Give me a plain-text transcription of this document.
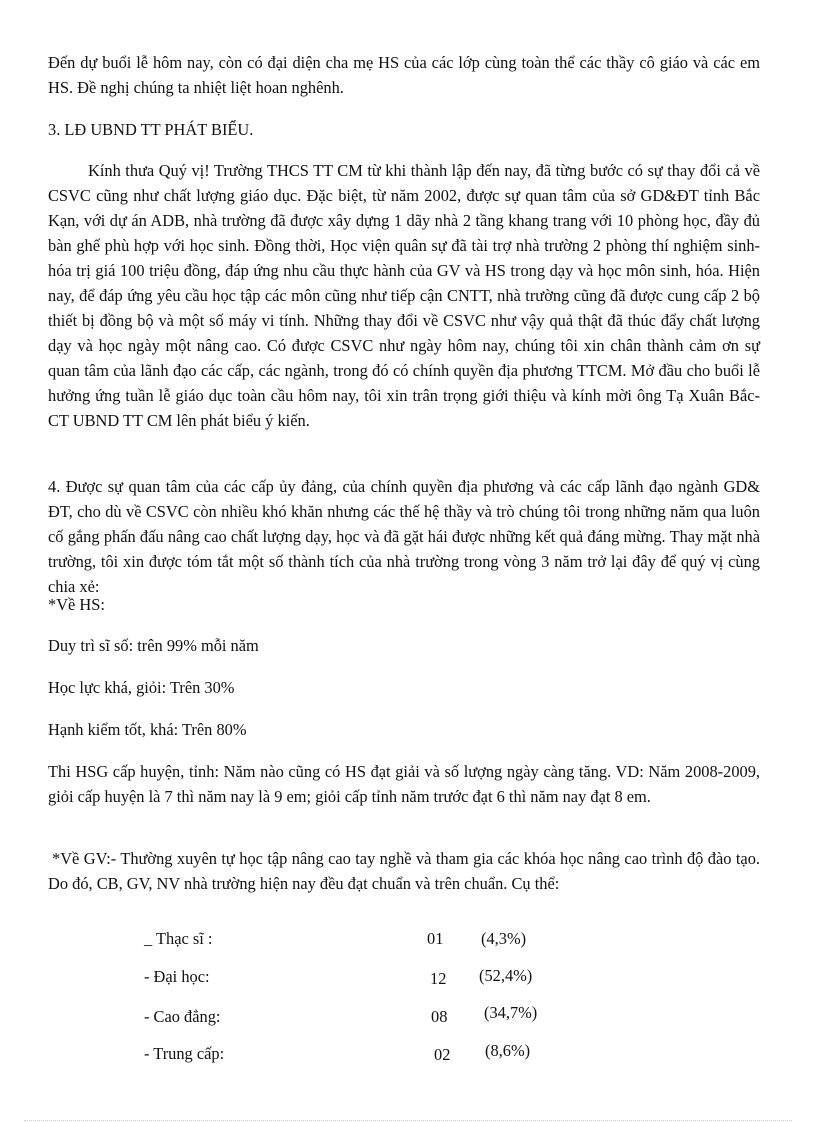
Đến dự buổi lễ hôm nay, còn có đại diện cha mẹ HS của các lớp cùng toàn thể các thầy cô giáo và các em HS. Đề nghị chúng ta nhiệt liệt hoan nghênh.

3. LĐ UBND TT PHÁT BIỂU.

Kính thưa Quý vị! Trường THCS TT CM từ khi thành lập đến nay, đã từng bước có sự thay đổi cả về CSVC cũng như chất lượng giáo dục. Đặc biệt, từ năm 2002, được sự quan tâm của sở GD&ĐT tỉnh Bắc Kạn, với dự án ADB, nhà trường đã được xây dựng 1 dãy nhà 2 tầng khang trang với 10 phòng học, đầy đủ bàn ghế phù hợp với học sinh. Đồng thời, Học viện quân sự đã tài trợ nhà trường 2 phòng thí nghiệm sinh-hóa trị giá 100 triệu đồng, đáp ứng nhu cầu thực hành của GV và HS trong dạy và học môn sinh, hóa. Hiện nay, để đáp ứng yêu cầu học tập các môn cũng như tiếp cận CNTT, nhà trường cũng đã được cung cấp 2 bộ thiết bị đồng bộ và một số máy vi tính. Những thay đổi về CSVC như vậy quả thật đã thúc đẩy chất lượng dạy và học ngày một nâng cao. Có được CSVC như ngày hôm nay, chúng tôi xin chân thành cảm ơn sự quan tâm của lãnh đạo các cấp, các ngành, trong đó có chính quyền địa phương TTCM. Mở đầu cho buổi lễ hưởng ứng tuần lễ giáo dục toàn cầu hôm nay, tôi xin trân trọng giới thiệu và kính mời ông Tạ Xuân Bắc- CT UBND TT CM lên phát biểu ý kiến.

4. Được sự quan tâm của các cấp ủy đảng, của chính quyền địa phương và các cấp lãnh đạo ngành GD& ĐT, cho dù về CSVC còn nhiều khó khăn nhưng các thế hệ thầy và trò chúng tôi trong những năm qua luôn cố gắng phấn đấu nâng cao chất lượng dạy, học và đã gặt hái được những kết quả đáng mừng. Thay mặt nhà trường, tôi xin được tóm tắt một số thành tích của nhà trường trong vòng 3 năm trở lại đây để quý vị cùng chia xẻ:

*Về HS:

Duy trì sĩ số: trên 99% mỗi năm

Học lực khá, giỏi: Trên 30%

Hạnh kiểm tốt, khá: Trên 80%

Thi HSG cấp huyện, tỉnh: Năm nào cũng có HS đạt giải và số lượng ngày càng tăng. VD: Năm 2008-2009, giỏi cấp huyện là 7 thì năm nay là 9 em; giỏi cấp tỉnh năm trước đạt 6 thì năm nay đạt 8 em.

*Về GV:- Thường xuyên tự học tập nâng cao tay nghề và tham gia các khóa học nâng cao trình độ đào tạo. Do đó, CB, GV, NV nhà trường hiện nay đều đạt chuẩn và trên chuẩn. Cụ thể:

_ Thạc sĩ :	01 (4,3%)
- Đại học:	12 (52,4%)
- Cao đẳng:	08 (34,7%)
- Trung cấp:	02 (8,6%)
